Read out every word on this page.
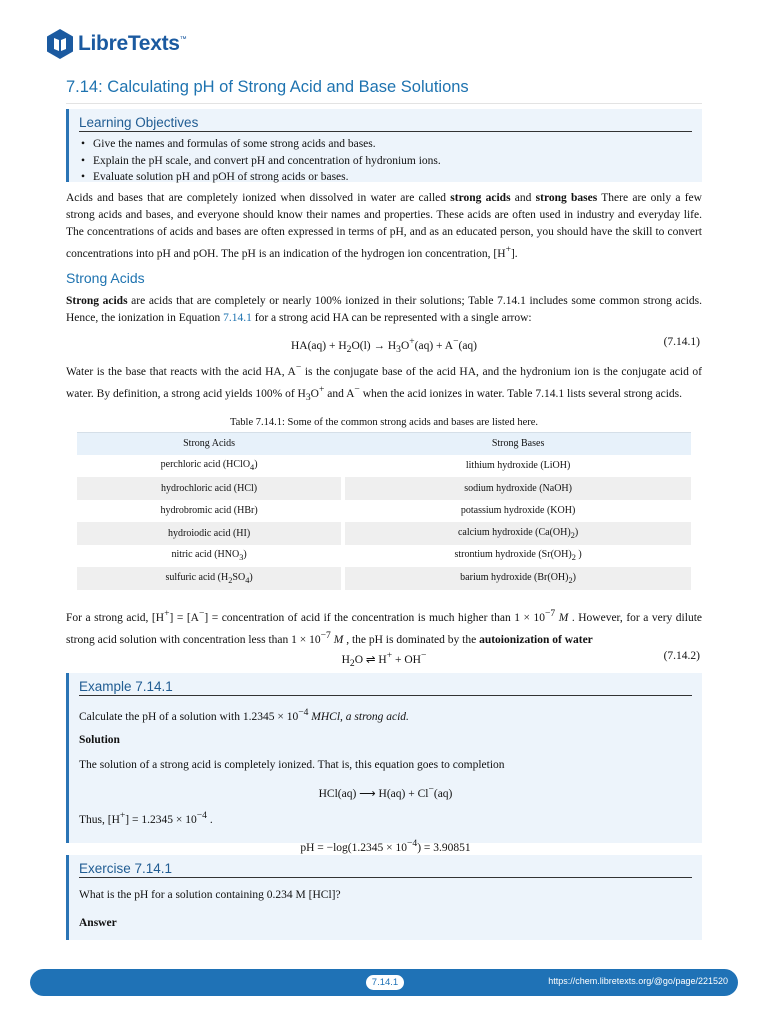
LibreTexts ™
7.14: Calculating pH of Strong Acid and Base Solutions
Learning Objectives
• Give the names and formulas of some strong acids and bases.
• Explain the pH scale, and convert pH and concentration of hydronium ions.
• Evaluate solution pH and pOH of strong acids or bases.

Acids and bases that are completely ionized when dissolved in water are called strong acids and strong bases There are only a few strong acids and bases, and everyone should know their names and properties. These acids are often used in industry and everyday life. The concentrations of acids and bases are often expressed in terms of pH, and as an educated person, you should have the skill to convert concentrations into pH and pOH. The pH is an indication of the hydrogen ion concentration, [H+].

Strong Acids

Strong acids are acids that are completely or nearly 100% ionized in their solutions; Table 7.14.1 includes some common strong acids. Hence, the ionization in Equation 7.14.1 for a strong acid HA can be represented with a single arrow:

$HA(aq) + H_2O(l) \to H_3O^+(aq) + A^-(aq)$	(7.14.1)

Water is the base that reacts with the acid HA, A− is the conjugate base of the acid HA, and the hydronium ion is the conjugate acid of water. By definition, a strong acid yields 100% of $H_3O^+$ and A− when the acid ionizes in water. Table 7.14.1 lists several strong acids.

Table 7.14.1: Some of the common strong acids and bases are listed here.
Strong Acids		Strong Bases
perchloric acid (HClO$_4$)		lithium hydroxide (LiOH)
hydrochloric acid (HCl)		sodium hydroxide (NaOH)
hydrobromic acid (HBr)		potassium hydroxide (KOH)
hydroiodic acid (HI)		calcium hydroxide $(Ca(OH)_2)$
nitric acid $(HNO_3)$		strontium hydroxide ($Sr(OH)_2$ )
sulfuric acid $(H_2SO_4)$		barium hydroxide $(Br(OH)_2)$

For a strong acid, [H+] = [A−] = concentration of acid if the concentration is much higher than $1 \times 10^{-7}$ M . However, for a very dilute strong acid solution with concentration less than $1 \times 10^{-7}$ M , the pH is dominated by the autoionization of water

$H_2O$ ⇌ H+ + OH−	(7.14.2)
Example 7.14.1

Calculate the pH of a solution with $1.2345 \times 10^{-4}$ MHCl, a strong acid.

Solution

The solution of a strong acid is completely ionized. That is, this equation goes to completion

HCl(aq) ⟶ H(aq) + Cl−(aq)

Thus, $[H^+] = 1.2345 \times 10^{-4}$ .

pH = $-\log(1.2345 \times 10^{-4}) = 3.90851$

Exercise 7.14.1

What is the pH for a solution containing 0.234 M [HCl]?

Answer

7.14.1	https://chem.libretexts.org/@go/page/221520
